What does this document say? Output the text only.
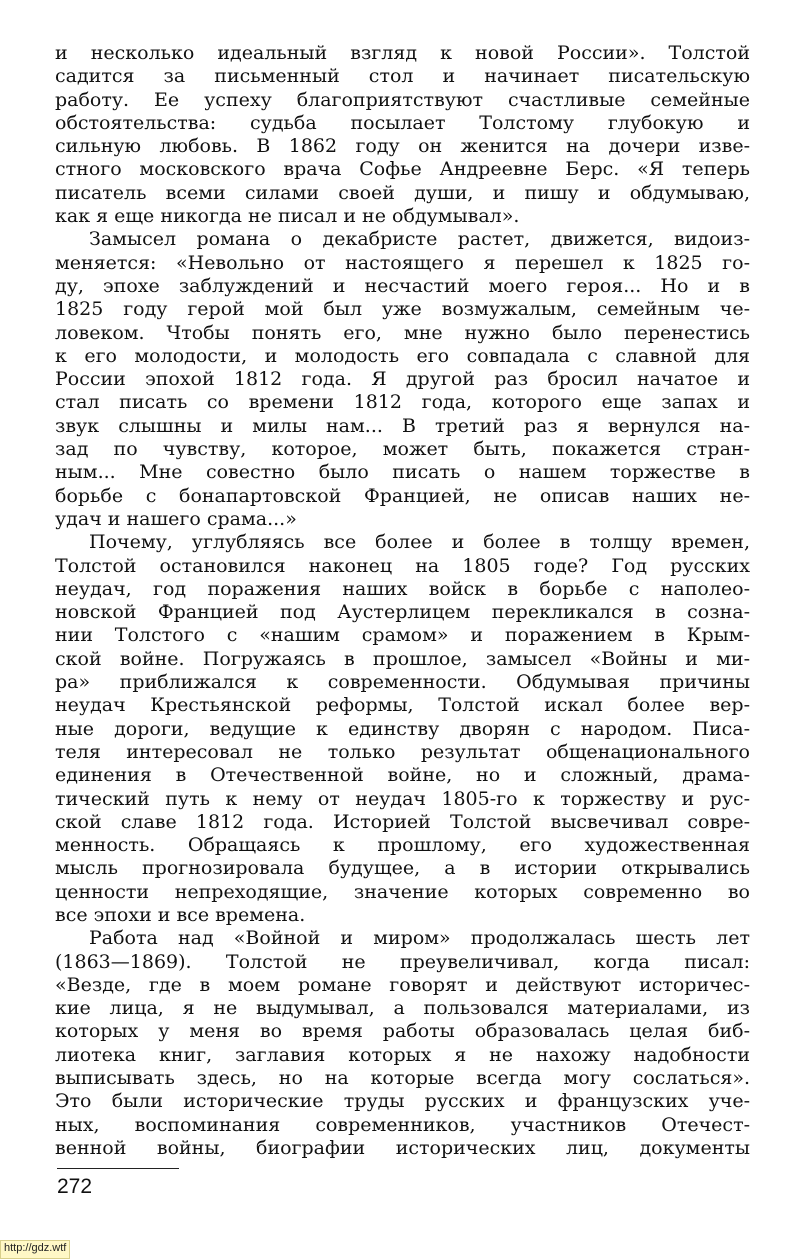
и несколько идеальный взгляд к новой России». Толстой
садится за письменный стол и начинает писательскую
работу. Ее успеху благоприятствуют счастливые семейные
обстоятельства: судьба посылает Толстому глубокую и
сильную любовь. В 1862 году он женится на дочери изве-
стного московского врача Софье Андреевне Берс. «Я теперь
писатель всеми силами своей души, и пишу и обдумываю,
как я еще никогда не писал и не обдумывал».
Замысел романа о декабристе растет, движется, видоиз-
меняется: «Невольно от настоящего я перешел к 1825 го-
ду, эпохе заблуждений и несчастий моего героя... Но и в
1825 году герой мой был уже возмужалым, семейным че-
ловеком. Чтобы понять его, мне нужно было перенестись
к его молодости, и молодость его совпадала с славной для
России эпохой 1812 года. Я другой раз бросил начатое и
стал писать со времени 1812 года, которого еще запах и
звук слышны и милы нам... В третий раз я вернулся на-
зад по чувству, которое, может быть, покажется стран-
ным... Мне совестно было писать о нашем торжестве в
борьбе с бонапартовской Францией, не описав наших не-
удач и нашего срама...»
Почему, углубляясь все более и более в толщу времен,
Толстой остановился наконец на 1805 годе? Год русских
неудач, год поражения наших войск в борьбе с наполео-
новской Францией под Аустерлицем перекликался в созна-
нии Толстого с «нашим срамом» и поражением в Крым-
ской войне. Погружаясь в прошлое, замысел «Войны и ми-
ра» приближался к современности. Обдумывая причины
неудач Крестьянской реформы, Толстой искал более вер-
ные дороги, ведущие к единству дворян с народом. Писа-
теля интересовал не только результат общенационального
единения в Отечественной войне, но и сложный, драма-
тический путь к нему от неудач 1805-го к торжеству и рус-
ской славе 1812 года. Историей Толстой высвечивал совре-
менность. Обращаясь к прошлому, его художественная
мысль прогнозировала будущее, а в истории открывались
ценности непреходящие, значение которых современно во
все эпохи и все времена.
Работа над «Войной и миром» продолжалась шесть лет
(1863—1869). Толстой не преувеличивал, когда писал:
«Везде, где в моем романе говорят и действуют историчес-
кие лица, я не выдумывал, а пользовался материалами, из
которых у меня во время работы образовалась целая биб-
лиотека книг, заглавия которых я не нахожу надобности
выписывать здесь, но на которые всегда могу сослаться».
Это были исторические труды русских и французских уче-
ных, воспоминания современников, участников Отечест-
венной войны, биографии исторических лиц, документы
272
http://gdz.wtf
